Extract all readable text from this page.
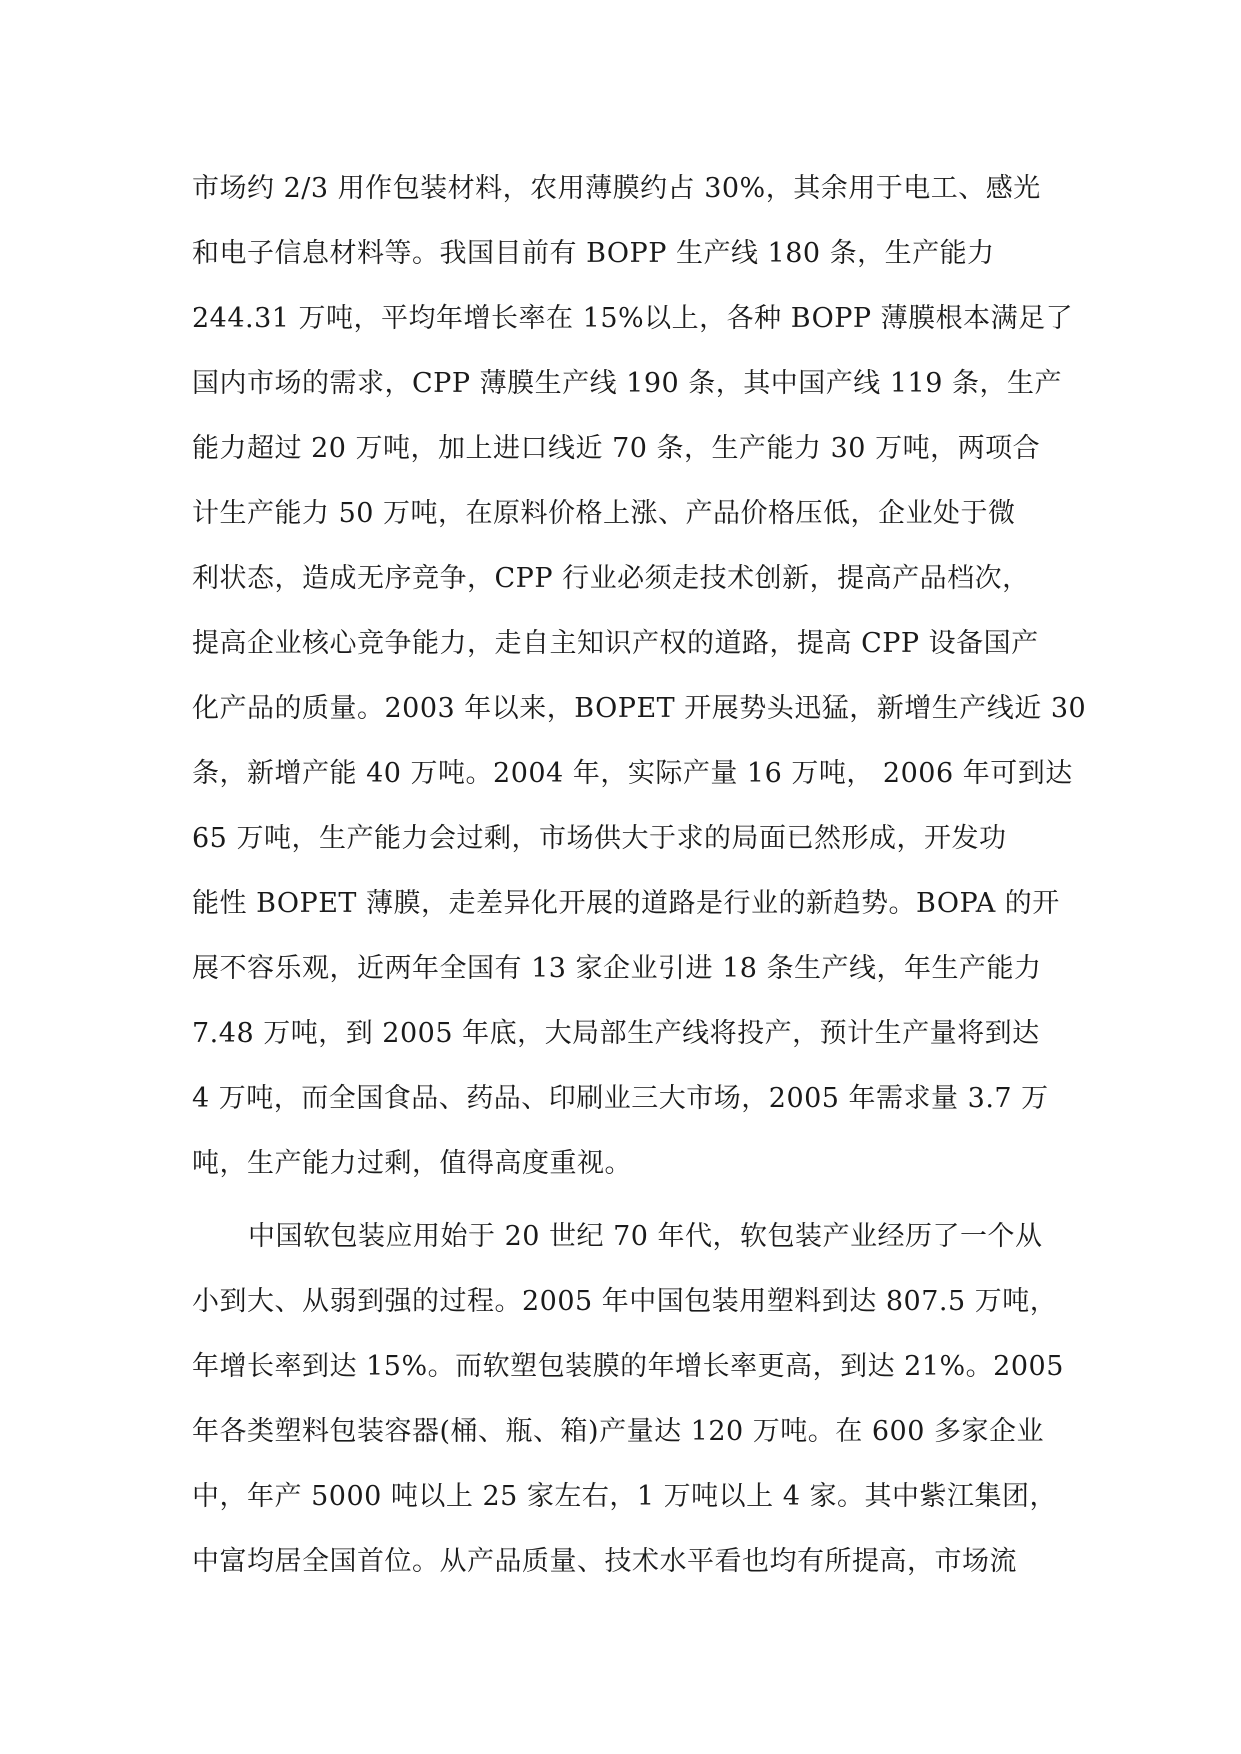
市场约 2/3 用作包装材料，农用薄膜约占 30%，其余用于电工、感光
和电子信息材料等。我国目前有 BOPP 生产线 180 条，生产能力
244.31 万吨，平均年增长率在 15%以上，各种 BOPP 薄膜根本满足了
国内市场的需求，CPP 薄膜生产线 190 条，其中国产线 119 条，生产
能力超过 20 万吨，加上进口线近 70 条，生产能力 30 万吨，两项合
计生产能力 50 万吨，在原料价格上涨、产品价格压低，企业处于微
利状态，造成无序竞争，CPP 行业必须走技术创新，提高产品档次，
提高企业核心竞争能力，走自主知识产权的道路，提高 CPP 设备国产
化产品的质量。2003 年以来，BOPET 开展势头迅猛，新增生产线近 30
条，新增产能 40 万吨。2004 年，实际产量 16 万吨， 2006 年可到达
65 万吨，生产能力会过剩，市场供大于求的局面已然形成，开发功
能性 BOPET 薄膜，走差异化开展的道路是行业的新趋势。BOPA 的开
展不容乐观，近两年全国有 13 家企业引进 18 条生产线，年生产能力
7.48 万吨，到 2005 年底，大局部生产线将投产，预计生产量将到达
4 万吨，而全国食品、药品、印刷业三大市场，2005 年需求量 3.7 万
吨，生产能力过剩，值得高度重视。
中国软包装应用始于 20 世纪 70 年代，软包装产业经历了一个从
小到大、从弱到强的过程。2005 年中国包装用塑料到达 807.5 万吨，
年增长率到达 15%。而软塑包装膜的年增长率更高，到达 21%。2005
年各类塑料包装容器(桶、瓶、箱)产量达 120 万吨。在 600 多家企业
中，年产 5000 吨以上 25 家左右，1 万吨以上 4 家。其中紫江集团，
中富均居全国首位。从产品质量、技术水平看也均有所提高，市场流
